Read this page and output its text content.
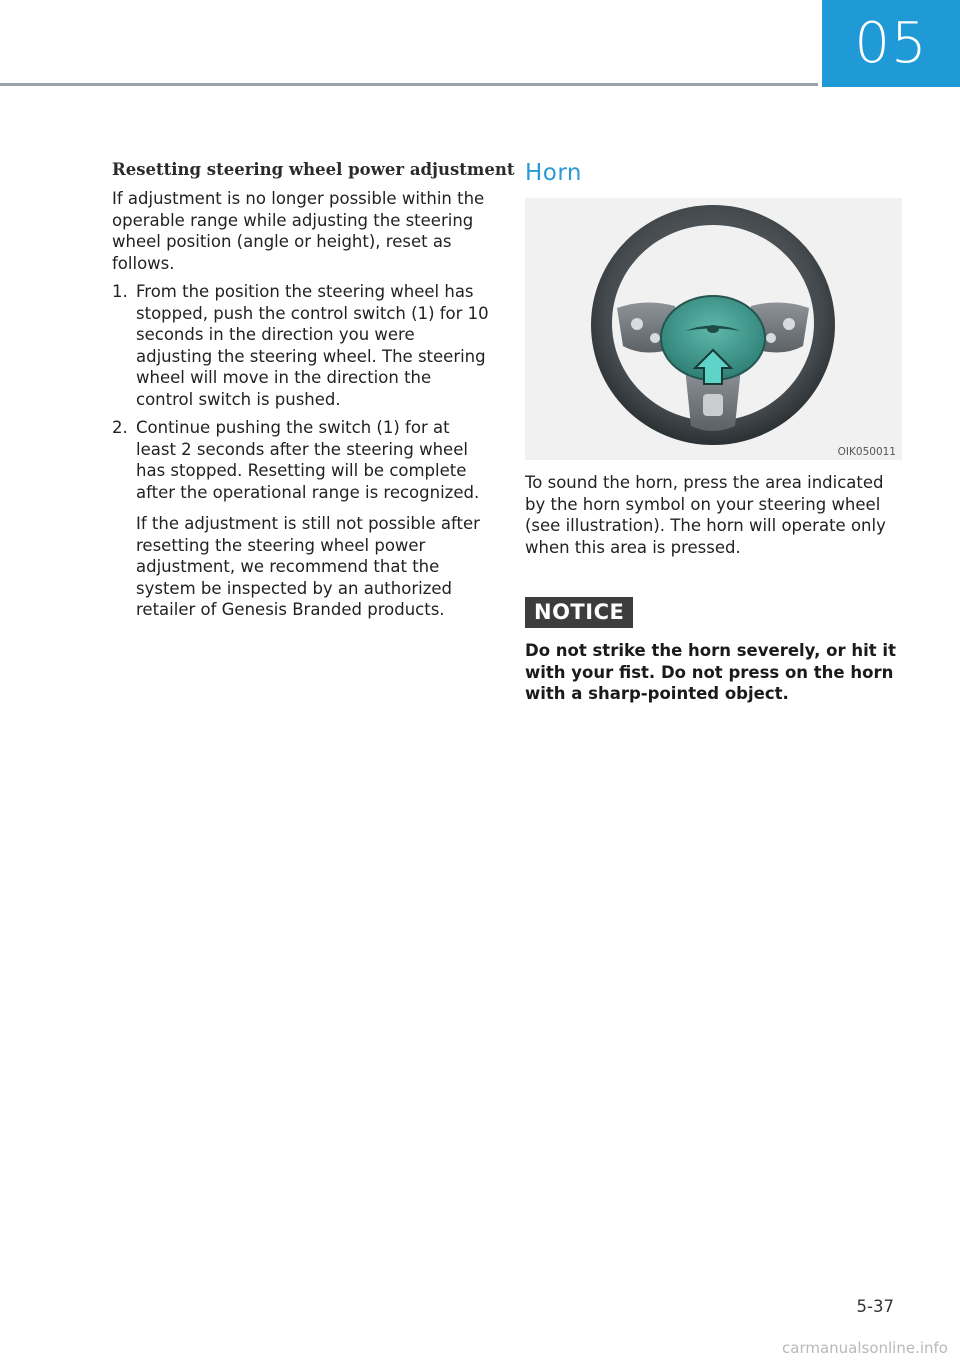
05
Resetting steering wheel power adjustment

If adjustment is no longer possible within the operable range while adjusting the steering wheel position (angle or height), reset as follows.

1. From the position the steering wheel has stopped, push the control switch (1) for 10 seconds in the direction you were adjusting the steering wheel. The steering wheel will move in the direction the control switch is pushed.
2. Continue pushing the switch (1) for at least 2 seconds after the steering wheel has stopped. Resetting will be complete after the operational range is recognized.

If the adjustment is still not possible after resetting the steering wheel power adjustment, we recommend that the system be inspected by an authorized retailer of Genesis Branded products.

Horn
OIK050011

To sound the horn, press the area indicated by the horn symbol on your steering wheel (see illustration). The horn will operate only when this area is pressed.

NOTICE

Do not strike the horn severely, or hit it with your fist. Do not press on the horn with a sharp-pointed object.

5-37
carmanualsonline.info
